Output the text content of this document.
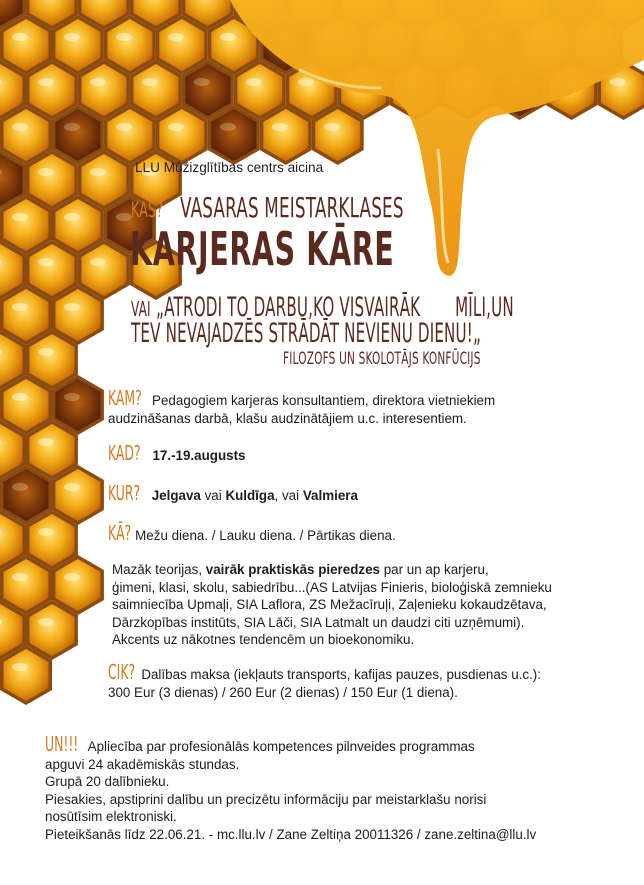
LLU Mūžizglītības centrs aicina
KAS? VASARAS MEISTARKLASES
KARJERAS KĀRE
VAI „ATRODI TO DARBU,KO VISVAIRĀK       MĪLI,UN
TEV NEVAJADZĒS STRĀDĀT NEVIENU DIENU!„
FILOZOFS UN SKOLOTĀJS KONFŪCIJS
KAM? Pedagogiem karjeras konsultantiem, direktora vietniekiem
audzināšanas darbā, klašu audzinātājiem u.c. interesentiem.
KAD? 17.-19.augusts
KUR? Jelgava vai Kuldīga, vai Valmiera
KĀ? Mežu diena. / Lauku diena. / Pārtikas diena.
Mazāk teorijas, vairāk praktiskās pieredzes par un ap karjeru,
ģimeni, klasi, skolu, sabiedrību...(AS Latvijas Finieris, bioloģiskā zemnieku
saimniecība Upmaļi, SIA Laflora, ZS Mežacīruļi, Zaļenieku kokaudzētava,
Dārzkopības institūts, SIA Lāči, SIA Latmalt un daudzi citi uzņēmumi).
Akcents uz nākotnes tendencēm un bioekonomiku.
CIK? Dalības maksa (iekļauts transports, kafijas pauzes, pusdienas u.c.):
300 Eur (3 dienas) / 260 Eur (2 dienas) / 150 Eur (1 diena).
UN!!! Apliecība par profesionālās kompetences pilnveides programmas
apguvi 24 akadēmiskās stundas.
Grupā 20 dalībnieku.
Piesakies, apstiprini dalību un precizētu informāciju par meistarklašu norisi
nosūtīsim elektroniski.
Pieteikšanās līdz 22.06.21. - mc.llu.lv / Zane Zeltiņa 20011326 / zane.zeltina@llu.lv
